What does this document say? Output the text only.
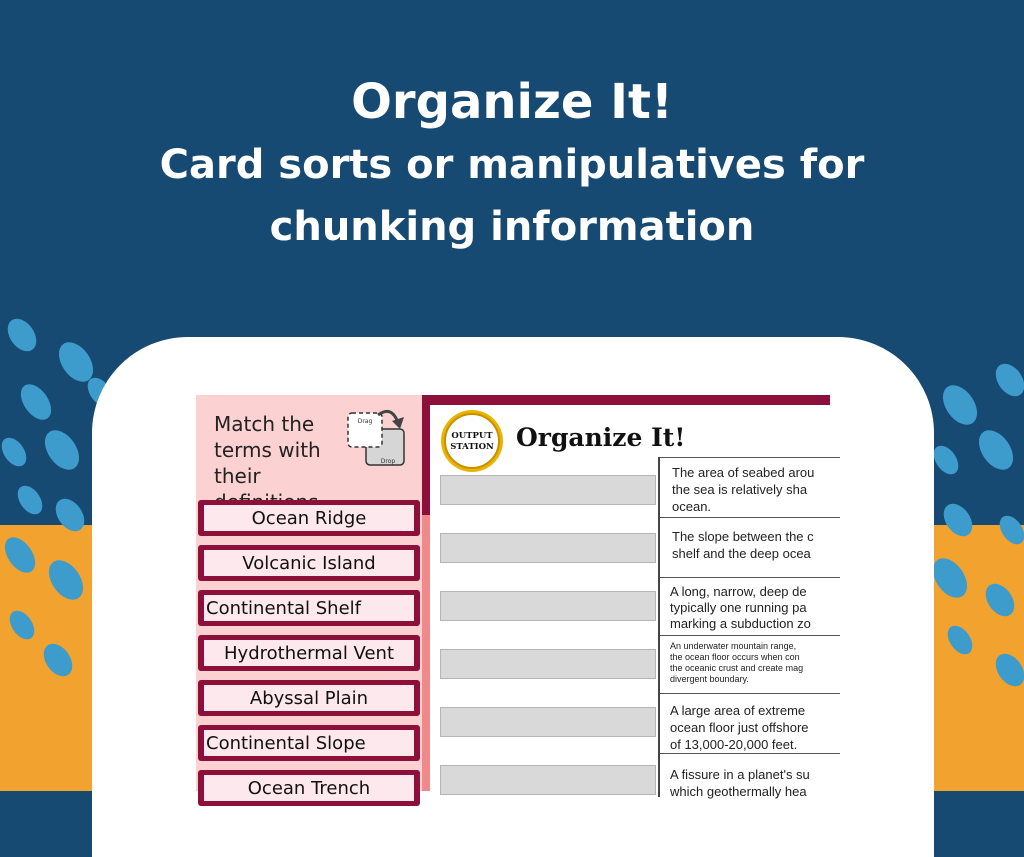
Organize It!
Card sorts or manipulatives for
chunking information
Match the
terms with
their
Drag
Drop
Ocean Ridge
Volcanic Island
Continental Shelf
Hydrothermal Vent
Abyssal Plain
Continental Slope
Ocean Trench
OUTPUT
STATION Organize It!
The area of seabed arou
the sea is relatively sha
ocean.
The slope between the c
shelf and the deep ocea
A long, narrow, deep de
typically one running pa
marking a subduction zo
An underwater mountain range,
the ocean floor occurs when con
the oceanic crust and create mag
divergent boundary.
A large area of extreme
ocean floor just offshore
of 13,000-20,000 feet.
A fissure in a planet's su
which geothermally hea
